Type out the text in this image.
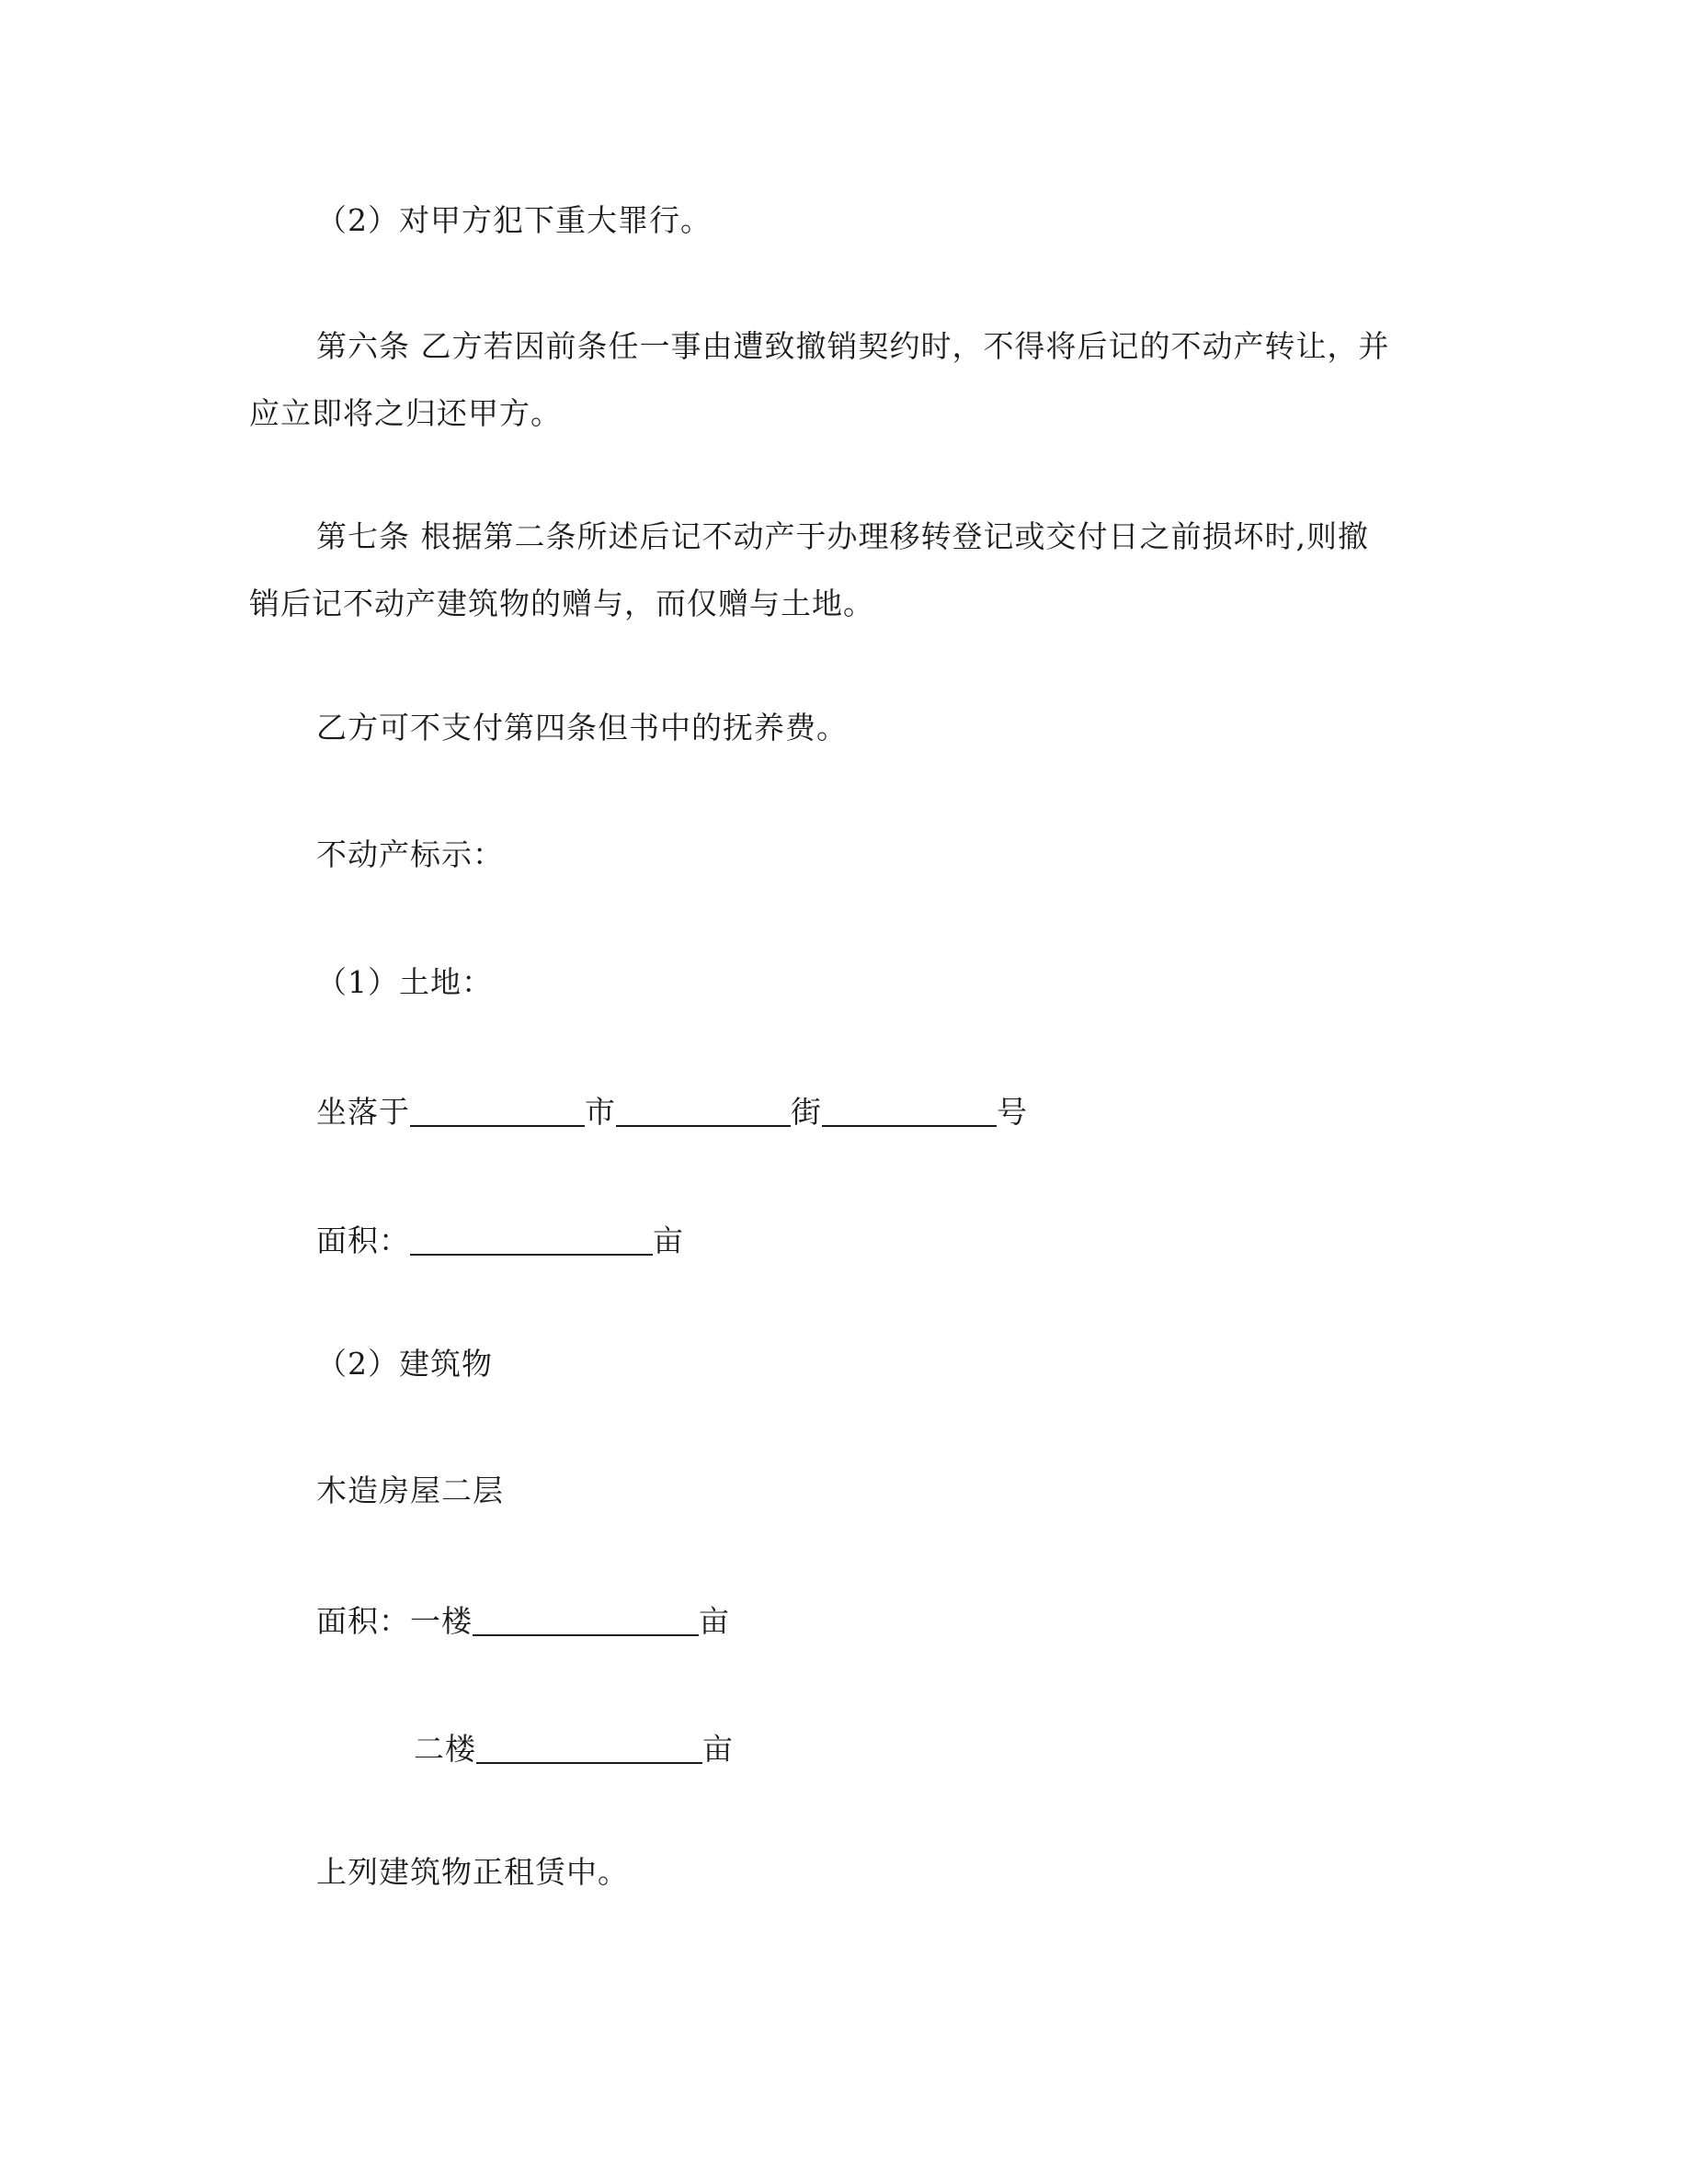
（2）对甲方犯下重大罪行。
第六条 乙方若因前条任一事由遭致撤销契约时，不得将后记的不动产转让，并
应立即将之归还甲方。
第七条 根据第二条所述后记不动产于办理移转登记或交付日之前损坏时,则撤
销后记不动产建筑物的赠与，而仅赠与土地。
乙方可不支付第四条但书中的抚养费。
不动产标示：
（1）土地：
坐落于	市	街	号
面积：	亩
（2）建筑物
木造房屋二层
面积：一楼	亩
二楼	亩
上列建筑物正租赁中。
